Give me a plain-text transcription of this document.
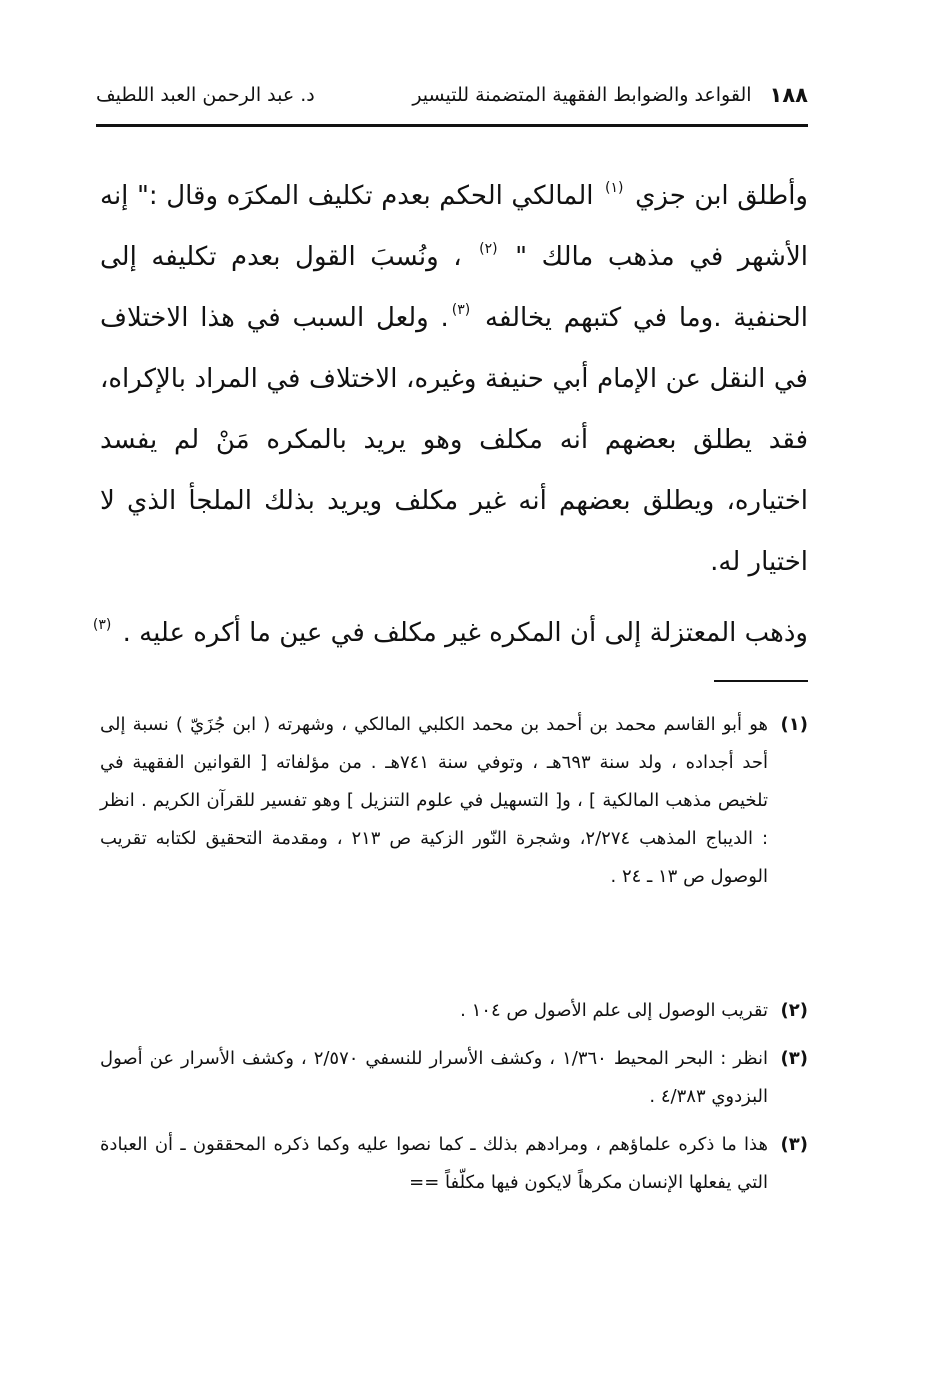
١٨٨
القواعد والضوابط الفقهية المتضمنة للتيسير
د. عبد الرحمن العبد اللطيف

وأطلق ابن جزي $^{(١)}$ المالكي الحكم بعدم تكليف المكرَه وقال :" إنه الأشهر في مذهب مالك " $^{(٢)}$ ، ونُسبَ القول بعدم تكليفه إلى الحنفية .وما في كتبهم يخالفه $^{(٣)}$. ولعل السبب في هذا الاختلاف في النقل عن الإمام أبي حنيفة وغيره، الاختلاف في المراد بالإكراه، فقد يطلق بعضهم أنه مكلف وهو يريد بالمكره مَنْ لم يفسد اختياره، ويطلق بعضهم أنه غير مكلف ويريد بذلك الملجأ الذي لا اختيار له.

وذهب المعتزلة إلى أن المكره غير مكلف في عين ما أكره عليه . $^{(٣)}$

(١)
هو أبو القاسم محمد بن أحمد بن محمد الكلبي المالكي ، وشهرته ( ابن جُزَيّ ) نسبة إلى أحد أجداده ، ولد سنة ٦٩٣هـ ، وتوفي سنة ٧٤١هـ . من مؤلفاته [ القوانين الفقهية في تلخيص مذهب المالكية ] ، و[ التسهيل في علوم التنزيل ] وهو تفسير للقرآن الكريم . انظر : الديباج المذهب ٢/٢٧٤، وشجرة النّور الزكية ص ٢١٣ ، ومقدمة التحقيق لكتابه تقريب الوصول ص ١٣ ـ ٢٤ .
(٢)
تقريب الوصول إلى علم الأصول ص ١٠٤ .
(٣)
انظر : البحر المحيط ١/٣٦٠ ، وكشف الأسرار للنسفي ٢/٥٧٠ ، وكشف الأسرار عن أصول البزدوي ٤/٣٨٣ .
(٣)
هذا ما ذكره علماؤهم ، ومرادهم بذلك ـ كما نصوا عليه وكما ذكره المحققون ـ أن العبادة التي يفعلها الإنسان مكرهاً لايكون فيها مكلّفاً ==
